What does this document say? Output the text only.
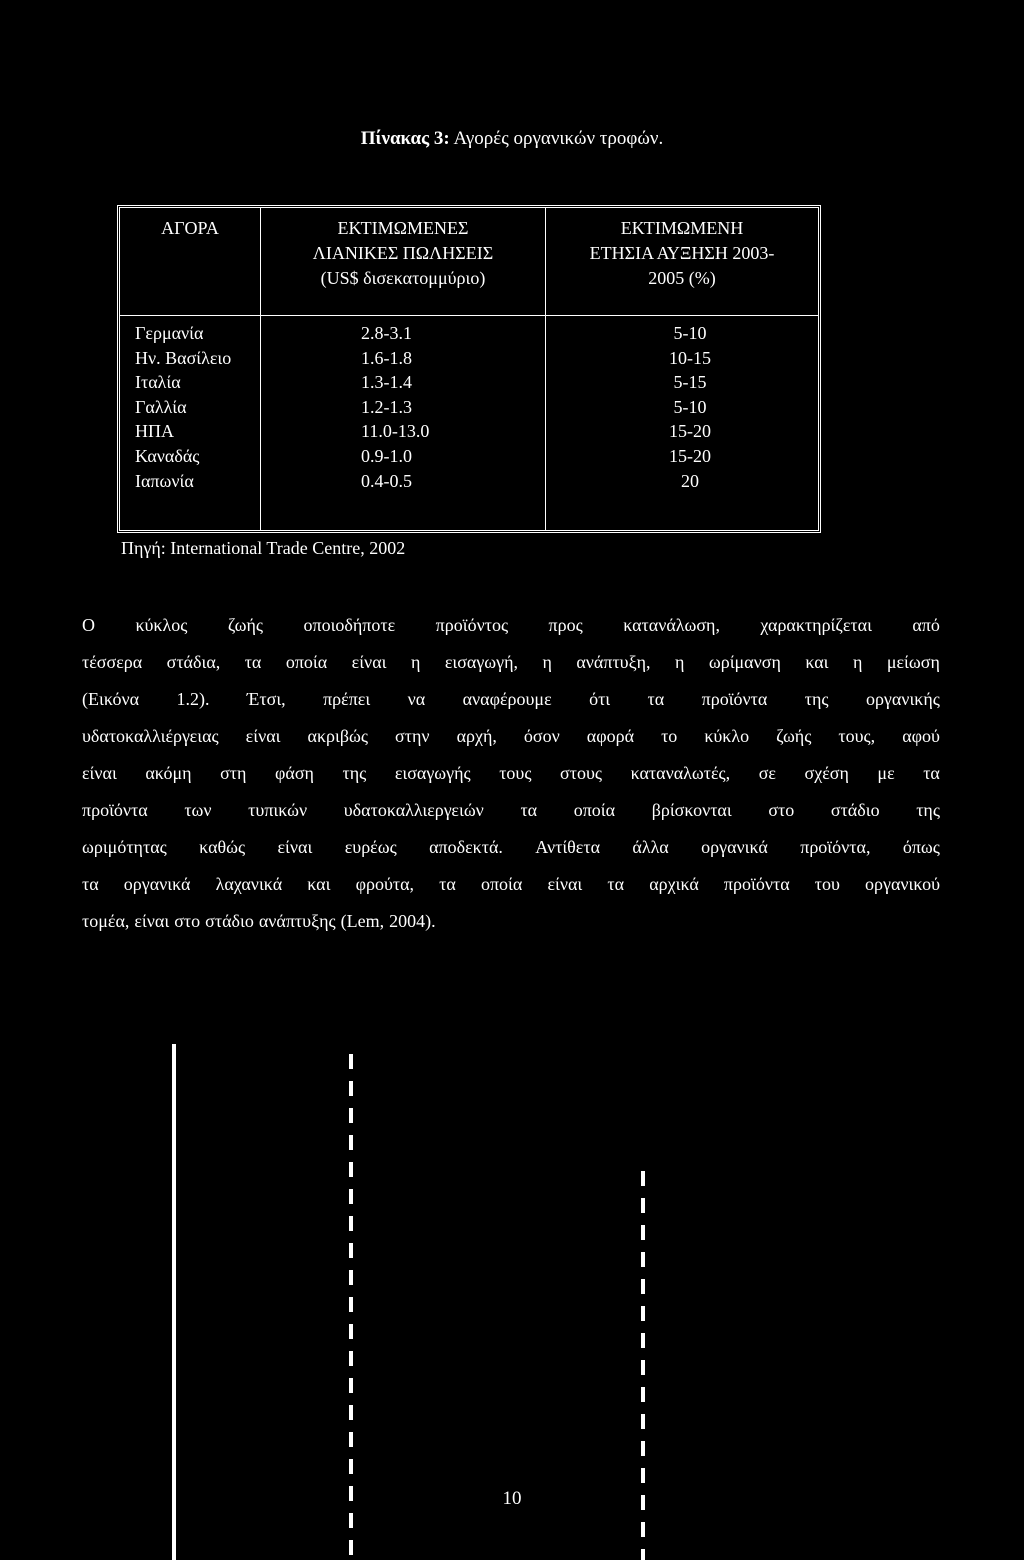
Πίνακας 3: Αγορές οργανικών τροφών.
ΑΓΟΡΑ	ΕΚΤΙΜΩΜΕΝΕΣ
ΛΙΑΝΙΚΕΣ ΠΩΛΗΣΕΙΣ
(US$ δισεκατομμύριο)
ΕΚΤΙΜΩΜΕΝΗ
ΕΤΗΣΙΑ ΑΥΞΗΣΗ 2003-
2005 (%)
Γερμανία
Ην. Βασίλειο
Ιταλία
Γαλλία
ΗΠΑ
Καναδάς
Ιαπωνία
2.8-3.1
1.6-1.8
1.3-1.4
1.2-1.3
11.0-13.0
0.9-1.0
0.4-0.5
5-10
10-15
5-15
5-10
15-20
15-20
20
Πηγή: International Trade Centre, 2002
Ο κύκλος ζωής οποιοδήποτε προϊόντος προς κατανάλωση, χαρακτηρίζεται από
τέσσερα στάδια, τα οποία είναι η εισαγωγή, η ανάπτυξη, η ωρίμανση και η μείωση
(Εικόνα 1.2). Έτσι, πρέπει να αναφέρουμε ότι τα προϊόντα της οργανικής
υδατοκαλλιέργειας είναι ακριβώς στην αρχή, όσον αφορά το κύκλο ζωής τους, αφού
είναι ακόμη στη φάση της εισαγωγής τους στους καταναλωτές, σε σχέση με τα
προϊόντα των τυπικών υδατοκαλλιεργειών τα οποία βρίσκονται στο στάδιο της
ωριμότητας καθώς είναι ευρέως αποδεκτά. Αντίθετα άλλα οργανικά προϊόντα, όπως
τα οργανικά λαχανικά και φρούτα, τα οποία είναι τα αρχικά προϊόντα του οργανικού
τομέα, είναι στο στάδιο ανάπτυξης (Lem, 2004).
10
